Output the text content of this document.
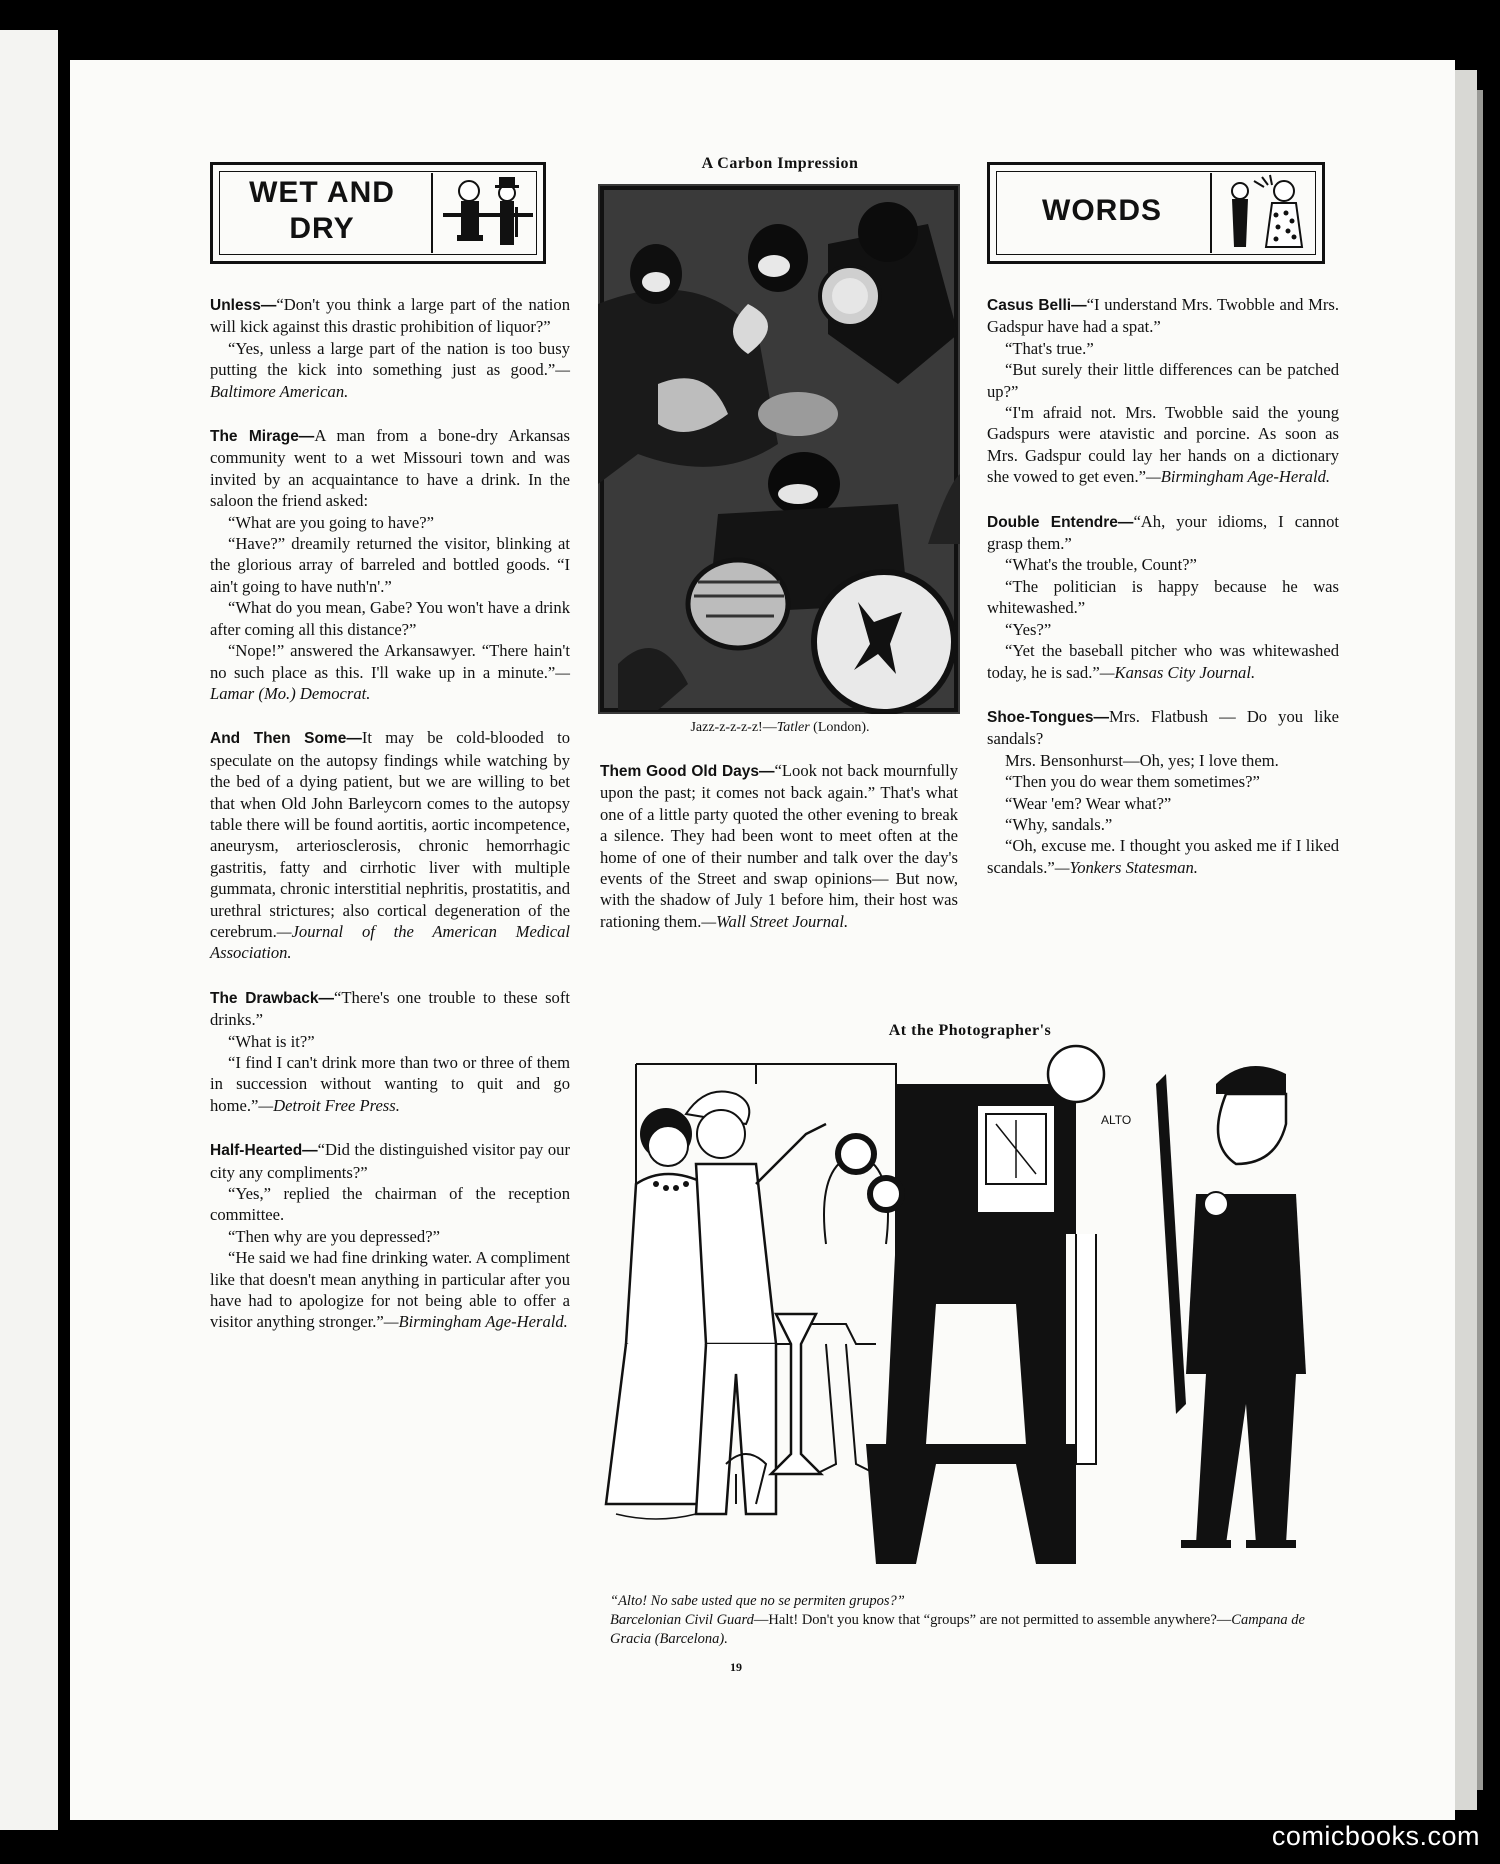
WET AND
DRY
WORDS
A Carbon Impression
Jazz-z-z-z-z!—Tatler (London).

Unless—“Don't you think a large part of the nation will kick against this drastic prohibition of liquor?”

“Yes, unless a large part of the nation is too busy putting the kick into something just as good.”—Baltimore American.

The Mirage—A man from a bone-dry Arkansas community went to a wet Missouri town and was invited by an acquaintance to have a drink. In the saloon the friend asked:

“What are you going to have?”

“Have?” dreamily returned the visitor, blinking at the glorious array of barreled and bottled goods. “I ain't going to have nuth'n'.”

“What do you mean, Gabe? You won't have a drink after coming all this distance?”

“Nope!” answered the Arkansawyer. “There hain't no such place as this. I'll wake up in a minute.”—Lamar (Mo.) Democrat.

And Then Some—It may be cold-blooded to speculate on the autopsy findings while watching by the bed of a dying patient, but we are willing to bet that when Old John Barleycorn comes to the autopsy table there will be found aortitis, aortic incompetence, aneurysm, arteriosclerosis, chronic hemorrhagic gastritis, fatty and cirrhotic liver with multiple gummata, chronic interstitial nephritis, prostatitis, and urethral strictures; also cortical degeneration of the cerebrum.—Journal of the American Medical Association.

The Drawback—“There's one trouble to these soft drinks.”

“What is it?”

“I find I can't drink more than two or three of them in succession without wanting to quit and go home.”—Detroit Free Press.

Half-Hearted—“Did the distinguished visitor pay our city any compliments?”

“Yes,” replied the chairman of the reception committee.

“Then why are you depressed?”

“He said we had fine drinking water. A compliment like that doesn't mean anything in particular after you have had to apologize for not being able to offer a visitor anything stronger.”—Birmingham Age-Herald.

Them Good Old Days—“Look not back mournfully upon the past; it comes not back again.” That's what one of a little party quoted the other evening to break a silence. They had been wont to meet often at the home of one of their number and talk over the day's events of the Street and swap opinions— But now, with the shadow of July 1 before him, their host was rationing them.—Wall Street Journal.

Casus Belli—“I understand Mrs. Twobble and Mrs. Gadspur have had a spat.”

“That's true.”

“But surely their little differences can be patched up?”

“I'm afraid not. Mrs. Twobble said the young Gadspurs were atavistic and porcine. As soon as Mrs. Gadspur could lay her hands on a dictionary she vowed to get even.”—Birmingham Age-Herald.

Double Entendre—“Ah, your idioms, I cannot grasp them.”

“What's the trouble, Count?”

“The politician is happy because he was whitewashed.”

“Yes?”

“Yet the baseball pitcher who was whitewashed today, he is sad.”—Kansas City Journal.

Shoe-Tongues—Mrs. Flatbush — Do you like sandals?

Mrs. Bensonhurst—Oh, yes; I love them.

“Then you do wear them sometimes?”

“Wear 'em? Wear what?”

“Why, sandals.”

“Oh, excuse me. I thought you asked me if I liked scandals.”—Yonkers Statesman.

At the Photographer's
ALTO
“Alto! No sabe usted que no se permiten grupos?”
Barcelonian Civil Guard—Halt! Don't you know that “groups” are not permitted to assemble anywhere?—Campana de Gracia (Barcelona).
19
comicbooks.com
